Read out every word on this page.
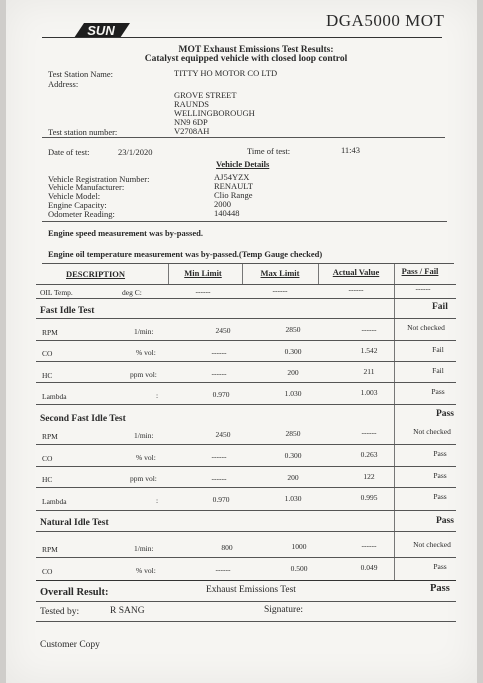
SUN
DGA5000 MOT
MOT Exhaust Emissions Test Results:
Catalyst equipped vehicle with closed loop control
Test Station Name:	TITTY HO MOTOR CO LTD
Address:
GROVE STREET
RAUNDS
WELLINGBOROUGH
NN9 6DP
Test station number:	V2708AH
Date of test:	23/1/2020	Time of test:	11:43
Vehicle Details
Vehicle Registration Number:	AJ54YZX
Vehicle Manufacturer:	RENAULT
Vehicle Model:	Clio Range
Engine Capacity:	2000
Odometer Reading:	140448
Engine speed measurement was by-passed.
Engine oil temperature measurement was by-passed.(Temp Gauge checked)
DESCRIPTION	Min Limit	Max Limit	Actual Value	Pass / Fail
OIL Temp.	deg C:	------	------	------	------
Fast Idle Test	Fail
RPM	1/min:	2450	2850	------	Not checked
CO	% vol:	------	0.300	1.542	Fail
HC	ppm vol:	------	200	211	Fail
Lambda	:	0.970	1.030	1.003	Pass
Second Fast Idle Test	Pass
RPM	1/min:	2450	2850	------	Not checked
CO	% vol:	------	0.300	0.263	Pass
HC	ppm vol:	------	200	122	Pass
Lambda	:	0.970	1.030	0.995	Pass
Natural Idle Test	Pass
RPM	1/min:	800	1000	------	Not checked
CO	% vol:	------	0.500	0.049	Pass
Overall Result:	Exhaust Emissions Test	Pass
Tested by:	R SANG	Signature:
Customer Copy
